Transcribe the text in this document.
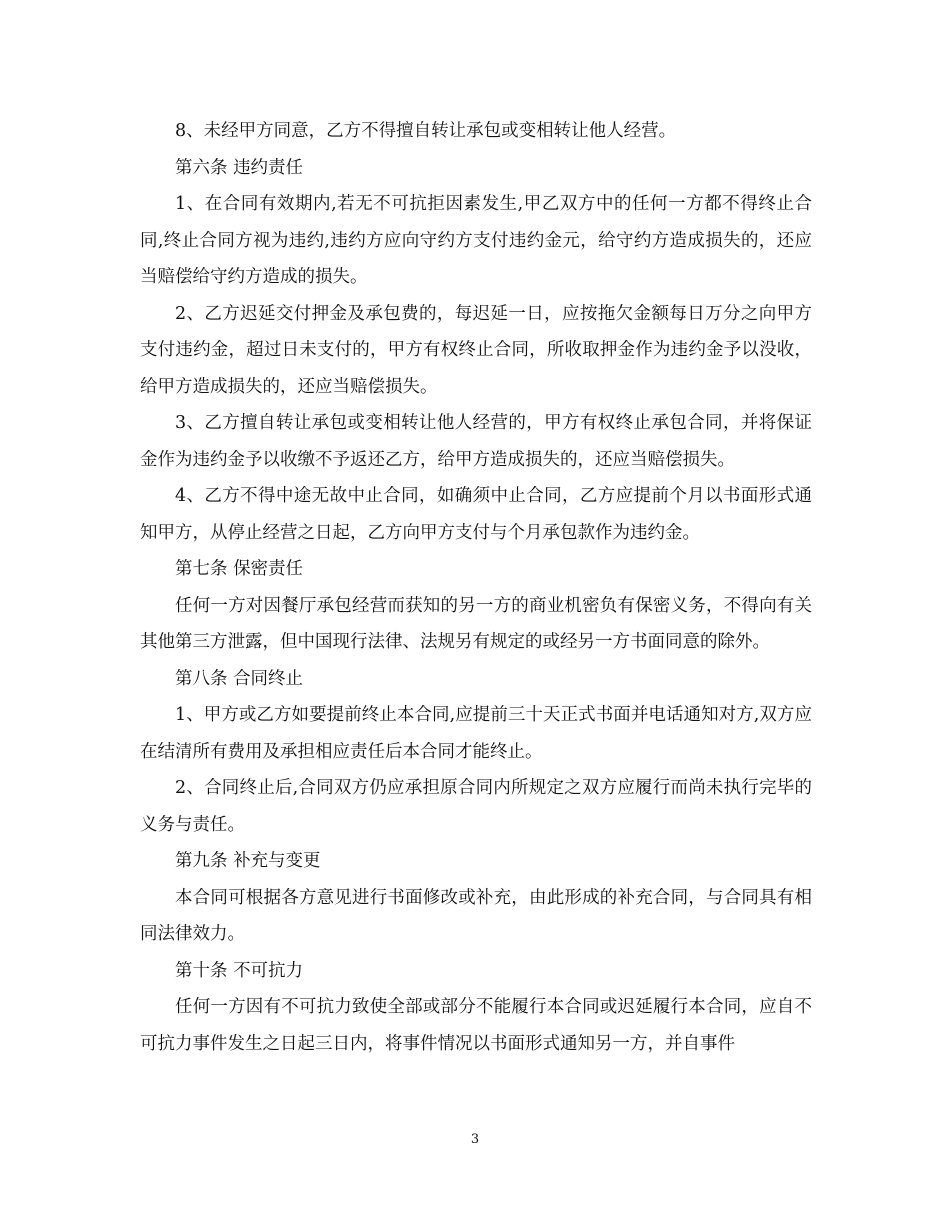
8、未经甲方同意，乙方不得擅自转让承包或变相转让他人经营。

第六条 违约责任

1、在合同有效期内,若无不可抗拒因素发生,甲乙双方中的任何一方都不得终止合同,终止合同方视为违约,违约方应向守约方支付违约金元，给守约方造成损失的，还应当赔偿给守约方造成的损失。

2、乙方迟延交付押金及承包费的，每迟延一日，应按拖欠金额每日万分之向甲方支付违约金，超过日未支付的，甲方有权终止合同，所收取押金作为违约金予以没收，给甲方造成损失的，还应当赔偿损失。

3、乙方擅自转让承包或变相转让他人经营的，甲方有权终止承包合同，并将保证金作为违约金予以收缴不予返还乙方，给甲方造成损失的，还应当赔偿损失。

4、乙方不得中途无故中止合同，如确须中止合同，乙方应提前个月以书面形式通知甲方，从停止经营之日起，乙方向甲方支付与个月承包款作为违约金。

第七条 保密责任

任何一方对因餐厅承包经营而获知的另一方的商业机密负有保密义务，不得向有关其他第三方泄露，但中国现行法律、法规另有规定的或经另一方书面同意的除外。

第八条 合同终止

1、甲方或乙方如要提前终止本合同,应提前三十天正式书面并电话通知对方,双方应在结清所有费用及承担相应责任后本合同才能终止。

2、合同终止后,合同双方仍应承担原合同内所规定之双方应履行而尚未执行完毕的义务与责任。

第九条 补充与变更

本合同可根据各方意见进行书面修改或补充，由此形成的补充合同，与合同具有相同法律效力。

第十条 不可抗力

任何一方因有不可抗力致使全部或部分不能履行本合同或迟延履行本合同，应自不可抗力事件发生之日起三日内，将事件情况以书面形式通知另一方，并自事件

3
